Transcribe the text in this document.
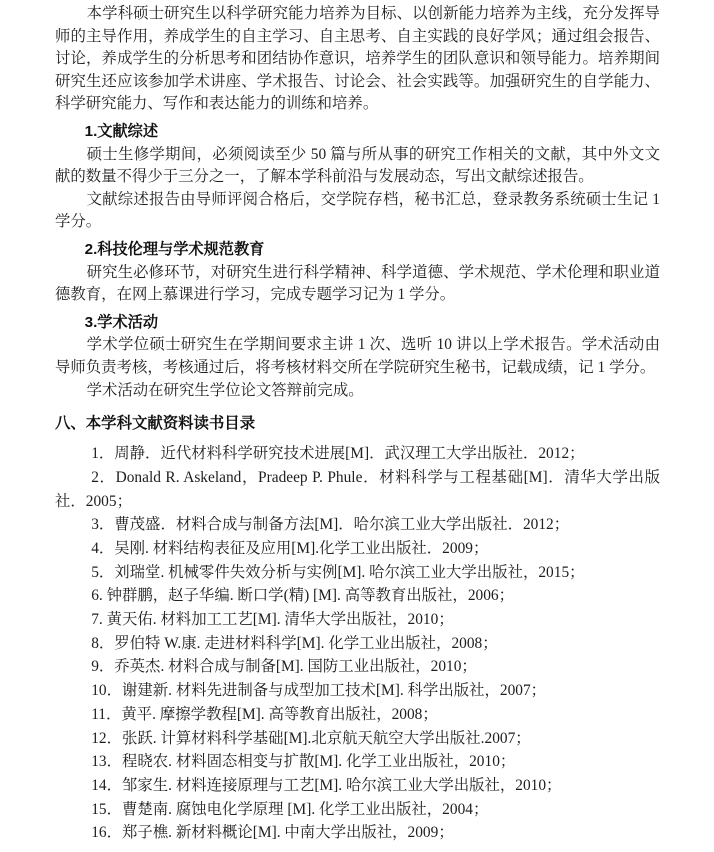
本学科硕士研究生以科学研究能力培养为目标、以创新能力培养为主线，充分发挥导师的主导作用，养成学生的自主学习、自主思考、自主实践的良好学风；通过组会报告、讨论，养成学生的分析思考和团结协作意识，培养学生的团队意识和领导能力。培养期间研究生还应该参加学术讲座、学术报告、讨论会、社会实践等。加强研究生的自学能力、科学研究能力、写作和表达能力的训练和培养。

1.文献综述

硕士生修学期间，必须阅读至少 50 篇与所从事的研究工作相关的文献，其中外文文献的数量不得少于三分之一，了解本学科前沿与发展动态，写出文献综述报告。

文献综述报告由导师评阅合格后，交学院存档，秘书汇总，登录教务系统硕士生记 1 学分。

2.科技伦理与学术规范教育

研究生必修环节，对研究生进行科学精神、科学道德、学术规范、学术伦理和职业道德教育，在网上慕课进行学习，完成专题学习记为 1 学分。

3.学术活动

学术学位硕士研究生在学期间要求主讲 1 次、选听 10 讲以上学术报告。学术活动由导师负责考核，考核通过后，将考核材料交所在学院研究生秘书，记载成绩，记 1 学分。

学术活动在研究生学位论文答辩前完成。

八、本学科文献资料读书目录

1．周静．近代材料科学研究技术进展[M]．武汉理工大学出版社．2012；

2．Donald R. Askeland，Pradeep P. Phule．材料科学与工程基础[M]．清华大学出版社．2005；

3．曹茂盛．材料合成与制备方法[M]．哈尔滨工业大学出版社．2012；

4．吴刚. 材料结构表征及应用[M].化学工业出版社．2009；

5．刘瑞堂. 机械零件失效分析与实例[M]. 哈尔滨工业大学出版社，2015；

6. 钟群鹏，赵子华编. 断口学(精) [M]. 高等教育出版社，2006；

7. 黄天佑. 材料加工工艺[M]. 清华大学出版社，2010；

8．罗伯特 W.康. 走进材料科学[M]. 化学工业出版社，2008；

9．乔英杰. 材料合成与制备[M]. 国防工业出版社，2010；

10．谢建新. 材料先进制备与成型加工技术[M]. 科学出版社，2007；

11．黄平. 摩擦学教程[M]. 高等教育出版社，2008；

12．张跃. 计算材料科学基础[M].北京航天航空大学出版社.2007；

13．程晓农. 材料固态相变与扩散[M]. 化学工业出版社，2010；

14．邹家生. 材料连接原理与工艺[M]. 哈尔滨工业大学出版社，2010；

15．曹楚南. 腐蚀电化学原理 [M]. 化学工业出版社，2004；

16．郑子樵. 新材料概论[M]. 中南大学出版社，2009；
